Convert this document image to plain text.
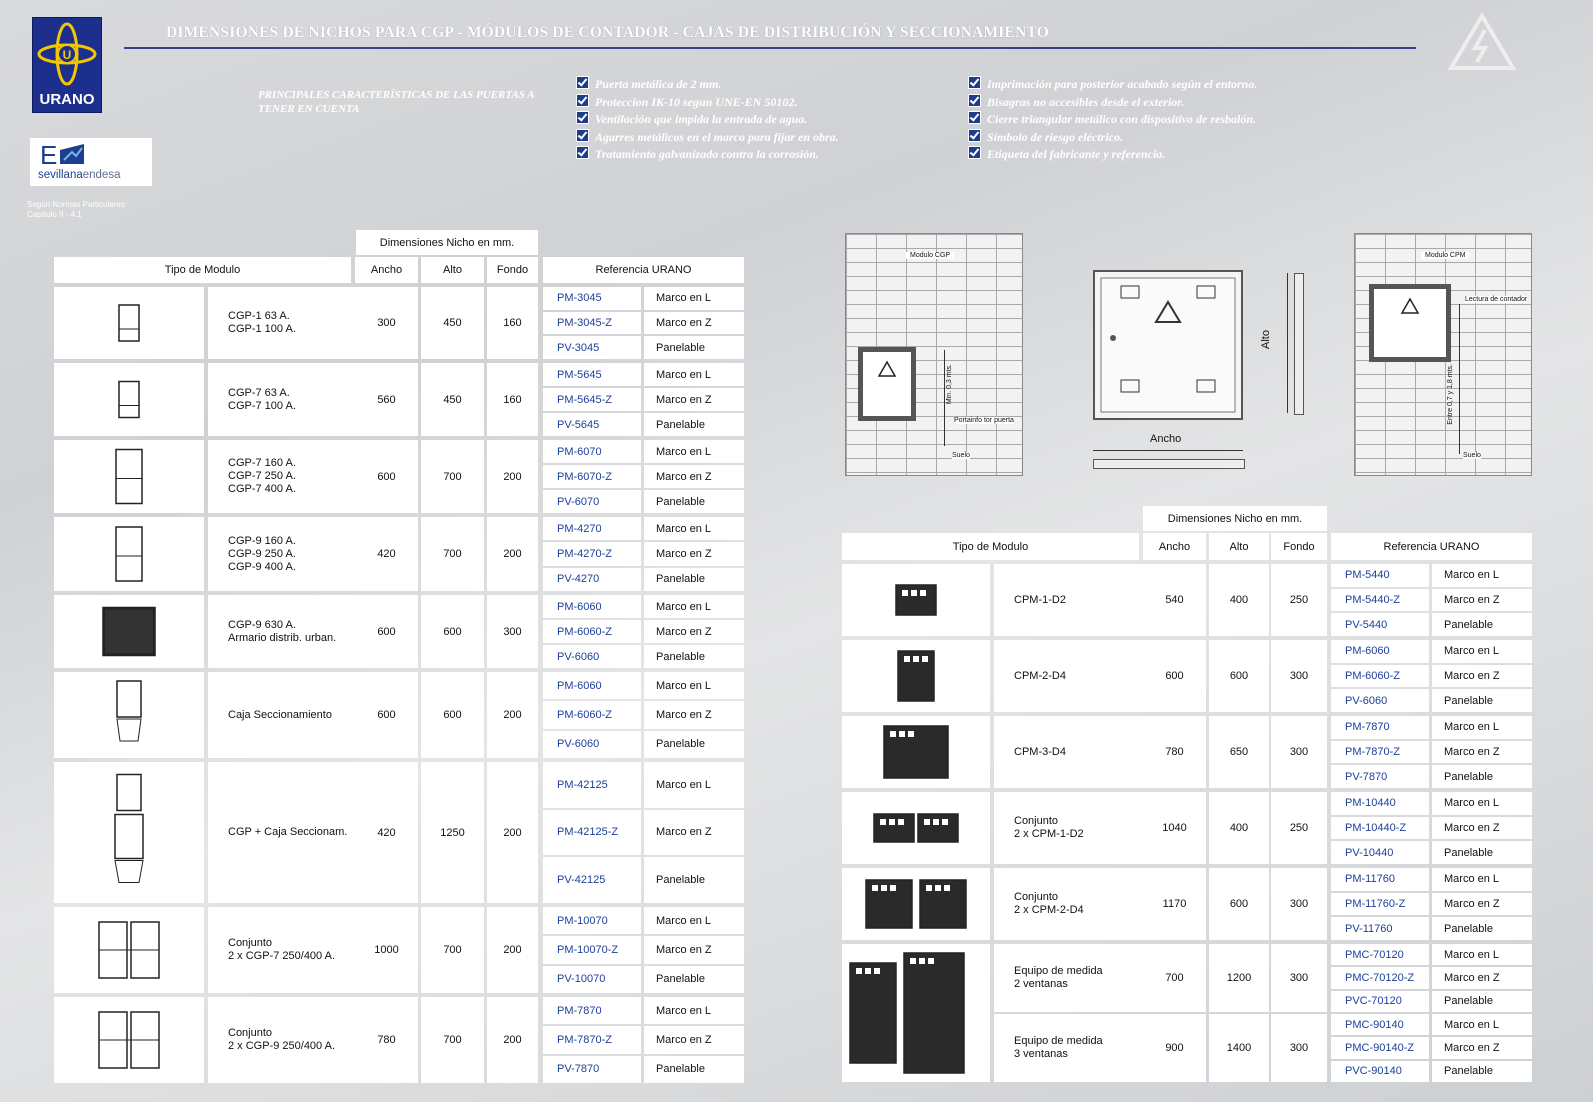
U
URANO
DIMENSIONES DE NICHOS PARA CGP - MÓDULOS DE CONTADOR - CAJAS DE DISTRIBUCIÓN Y SECCIONAMIENTO
E
sevillanaendesa
Según Normas Particulares:
Capítulo II - 4.1
PRINCIPALES CARACTERÍSTICAS DE LAS PUERTAS A TENER EN CUENTA
Puerta metálica de 2 mm.
Proteccion IK-10 segun UNE-EN 50102.
Ventilación que impida la entrada de agua.
Agarres metálicos en el marco para fijar en obra.
Tratamiento galvanizado contra la corrosión.
Imprimación para posterior acabado según el entorno.
Bisagras no accesibles desde el exterior.
Cierre triangular metálico con dispositivo de resbalón.
Símbolo de riesgo eléctrico.
Etiqueta del fabricante y referencia.
Dimensiones Nicho en mm.
Tipo de Modulo	Ancho	Alto	Fondo	Referencia URANO
CGP-1 63 A.
CGP-1 100 A.	300	450	160
PM-3045	Marco en L
PM-3045-Z	Marco en Z
PV-3045	Panelable
CGP-7 63 A.
CGP-7 100 A.	560	450	160
PM-5645	Marco en L
PM-5645-Z	Marco en Z
PV-5645	Panelable
CGP-7 160 A.
CGP-7 250 A.
CGP-7 400 A.
600	700	200
PM-6070	Marco en L
PM-6070-Z	Marco en Z
PV-6070	Panelable
CGP-9 160 A.
CGP-9 250 A.
CGP-9 400 A.
420	700	200
PM-4270	Marco en L
PM-4270-Z	Marco en Z
PV-4270	Panelable
CGP-9 630 A.
Armario distrib. urban.	600	600	300
PM-6060	Marco en L
PM-6060-Z	Marco en Z
PV-6060	Panelable
Caja Seccionamiento	600	600	200
PM-6060	Marco en L
PM-6060-Z	Marco en Z
PV-6060	Panelable
CGP + Caja Seccionam.	420	1250	200
PM-42125	Marco en L
PM-42125-Z	Marco en Z
PV-42125	Panelable
Conjunto
2 x CGP-7 250/400 A.	1000	700	200
PM-10070	Marco en L
PM-10070-Z	Marco en Z
PV-10070	Panelable
Conjunto
2 x CGP-9 250/400 A.	780	700	200
PM-7870	Marco en L
PM-7870-Z	Marco en Z
PV-7870	Panelable
Modulo CGP
Min. 0,3 mts.
Portainfo tor puerta
Suelo
Ancho
Alto
Modulo CPM
Lectura de contador
Entre 0,7 y 1,8 mts.
Suelo
Dimensiones Nicho en mm.
Tipo de Modulo	Ancho	Alto	Fondo	Referencia URANO
CPM-1-D2	540	400	250
PM-5440	Marco en L
PM-5440-Z	Marco en Z
PV-5440	Panelable
CPM-2-D4	600	600	300
PM-6060	Marco en L
PM-6060-Z	Marco en Z
PV-6060	Panelable
CPM-3-D4	780	650	300
PM-7870	Marco en L
PM-7870-Z	Marco en Z
PV-7870	Panelable
Conjunto
2 x CPM-1-D2	1040	400	250
PM-10440	Marco en L
PM-10440-Z	Marco en Z
PV-10440	Panelable
Conjunto
2 x CPM-2-D4	1170	600	300
PM-11760	Marco en L
PM-11760-Z	Marco en Z
PV-11760	Panelable
Equipo de medida
2 ventanas	700	1200	300
PMC-70120	Marco en L
PMC-70120-Z	Marco en Z
PVC-70120	Panelable
Equipo de medida
3 ventanas	900	1400	300
PMC-90140	Marco en L
PMC-90140-Z	Marco en Z
PVC-90140	Panelable
